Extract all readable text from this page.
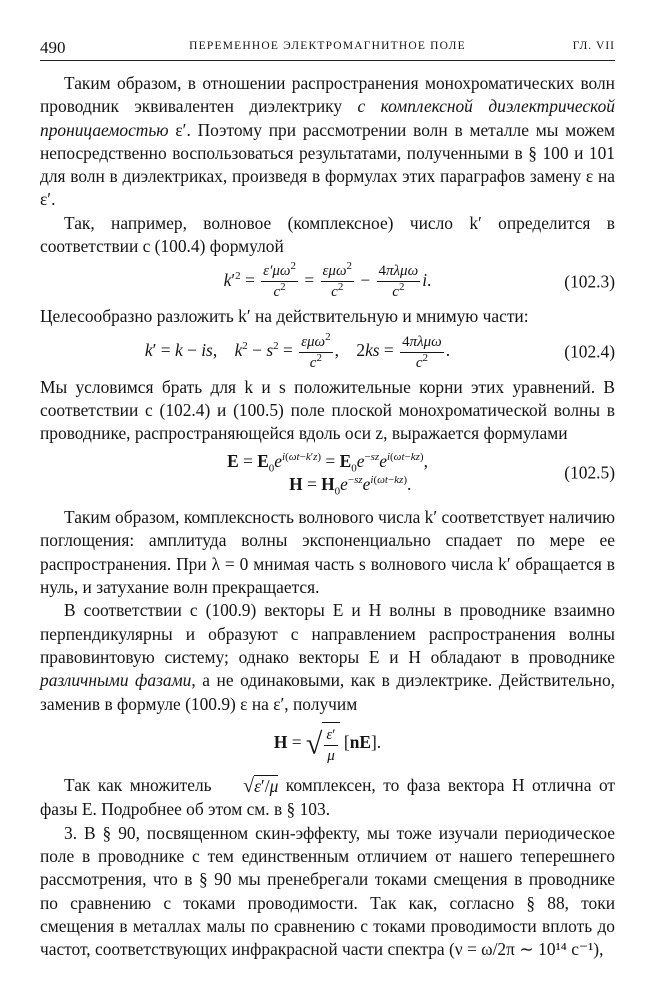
490	ПЕРЕМЕННОЕ ЭЛЕКТРОМАГНИТНОЕ ПОЛЕ	ГЛ. VII

Таким образом, в отношении распространения монохроматических волн проводник эквивалентен диэлектрику с комплексной диэлектрической проницаемостью ε′. Поэтому при рассмотрении волн в металле мы можем непосредственно воспользоваться результатами, полученными в § 100 и 101 для волн в диэлектриках, произведя в формулах этих параграфов замену ε на ε′.

Так, например, волновое (комплексное) число k′ определится в соответствии с (100.4) формулой

$k'^2 = \frac{\varepsilon'\mu\omega^2}{c^2} = \frac{\varepsilon\mu\omega^2}{c^2} - \frac{\text{4πλμω}}{c^2} i$.	(102.3)

Целесообразно разложить k′ на действительную и мнимую части:

k′ = k − is,    $k^2 - s^2 = \frac{\varepsilon\mu\omega^2}{c^2}$ ,    $2ks = \frac{\text{4πλμω}}{c^2}$ .	(102.4)

Мы условимся брать для k и s положительные корни этих уравнений. В соответствии с (102.4) и (100.5) поле плоской монохроматической волны в проводнике, распространяющейся вдоль оси z, выражается формулами

$E = E_0e^{i(\omega t-k'z)} = E_0e^{-sz}e^{i(\omega t-kz)}$,
$H = H_0e^{-sz}e^{i(\omega t-kz)}$.
(102.5)

Таким образом, комплексность волнового числа k′ соответствует наличию поглощения: амплитуда волны экспоненциально спадает по мере ее распространения. При λ = 0 мнимая часть s волнового числа k′ обращается в нуль, и затухание волн прекращается.

В соответствии с (100.9) векторы E и H волны в проводнике взаимно перпендикулярны и образуют с направлением распространения волны правовинтовую систему; однако векторы E и H обладают в проводнике различными фазами, а не одинаковыми, как в диэлектрике. Действительно, заменив в формуле (100.9) ε на ε′, получим

H = √ $\frac{\varepsilon'}{\mu} [nE]$.

Так как множитель √ε′/μ комплексен, то фаза вектора H отлична от фазы E. Подробнее об этом см. в § 103.

3. В § 90, посвященном скин-эффекту, мы тоже изучали периодическое поле в проводнике с тем единственным отличием от нашего теперешнего рассмотрения, что в § 90 мы пренебрегали токами смещения в проводнике по сравнению с токами проводимости. Так как, согласно § 88, токи смещения в металлах малы по сравнению с токами проводимости вплоть до частот, соответствующих инфракрасной части спектра (ν = ω/2π ∼ 10¹⁴ с⁻¹),
